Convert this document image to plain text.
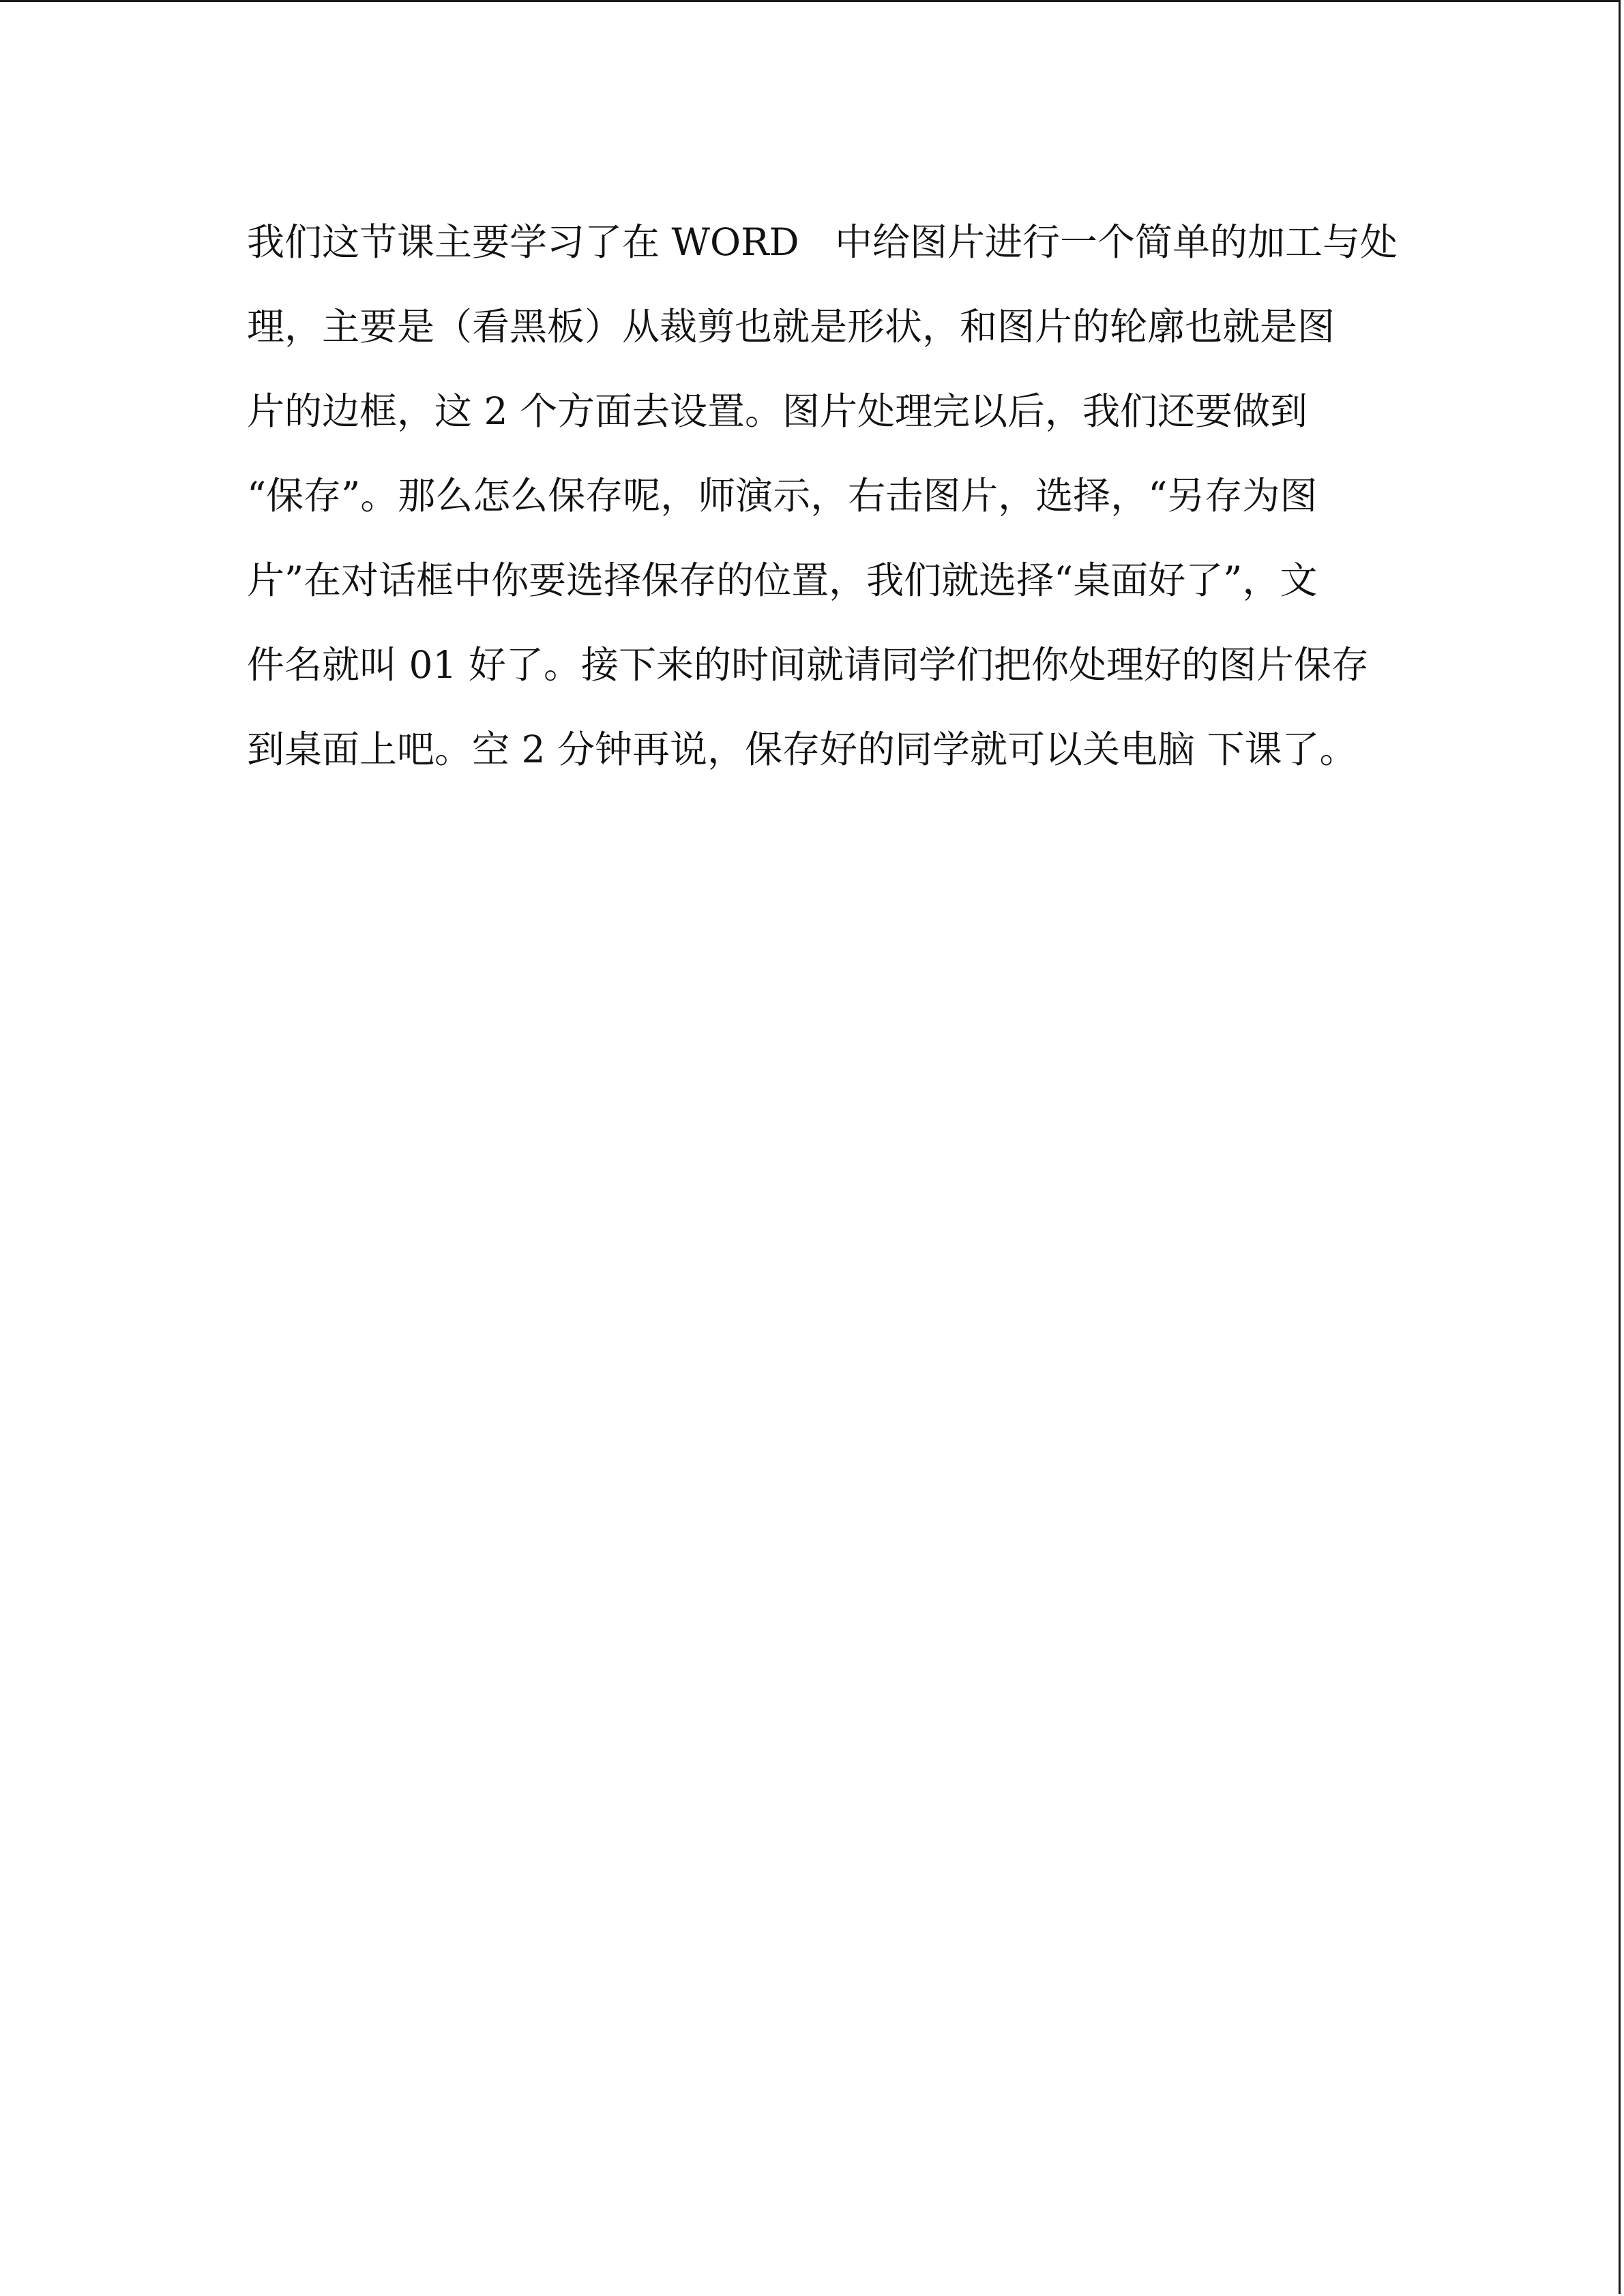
我们这节课主要学习了在 WORD   中给图片进行一个简单的加工与处
理，主要是（看黑板）从裁剪也就是形状，和图片的轮廓也就是图
片的边框，这 2 个方面去设置。图片处理完以后，我们还要做到
“保存”。那么怎么保存呢，师演示，右击图片，选择，“另存为图
片”在对话框中你要选择保存的位置，我们就选择“桌面好了”，文
件名就叫 01 好了。接下来的时间就请同学们把你处理好的图片保存
到桌面上吧。空 2 分钟再说，保存好的同学就可以关电脑 下课了。
